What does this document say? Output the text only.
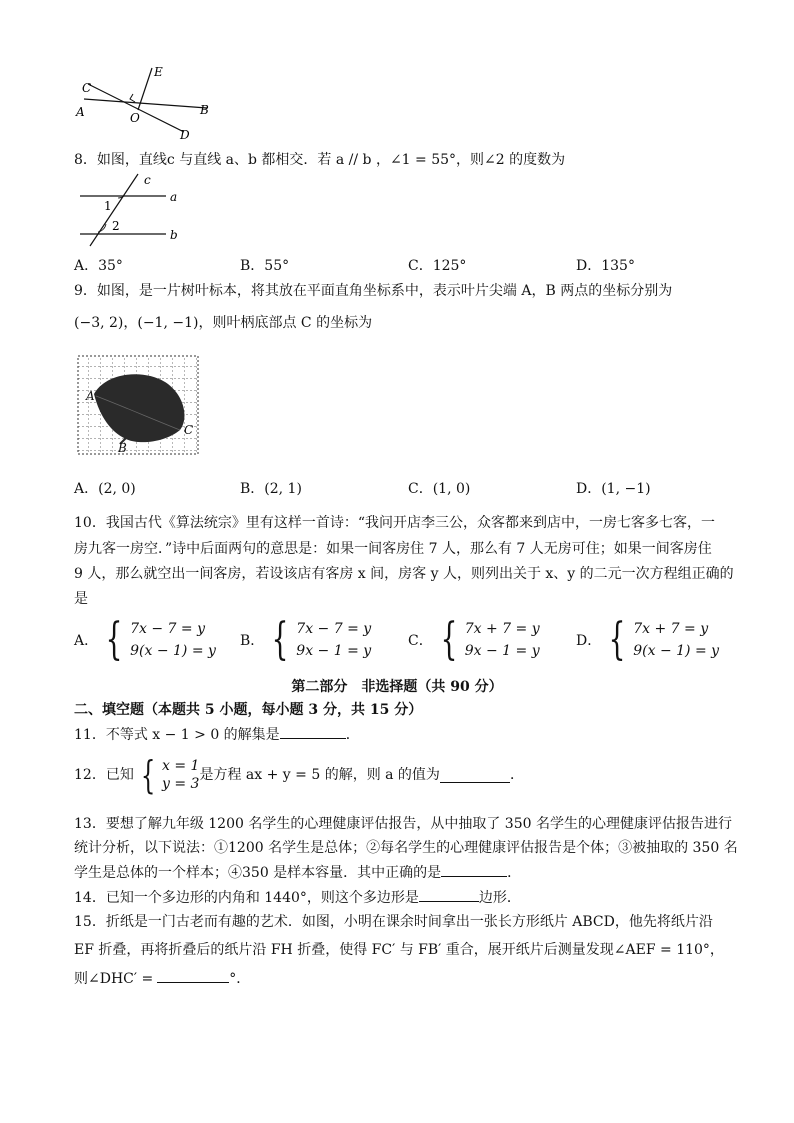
C
E
A	O
B
D
8．如图，直线c 与直线 a、b 都相交．若 a // b ，∠1 = 55°，则∠2 的度数为
c
a
b
1
2
A．35°	B．55°	C．125°	D．135°
9．如图，是一片树叶标本，将其放在平面直角坐标系中，表示叶片尖端 A，B 两点的坐标分别为
(−3, 2)，(−1, −1)，则叶柄底部点 C 的坐标为
A
B
C
A．(2, 0)	B．(2, 1)	C．(1, 0)	D．(1, −1)
10．我国古代《算法统宗》里有这样一首诗：“我问开店李三公，众客都来到店中，一房七客多七客，一
房九客一房空．”诗中后面两句的意思是：如果一间客房住 7 人，那么有 7 人无房可住；如果一间客房住
9 人，那么就空出一间客房，若设该店有客房 x 间，房客 y 人，则列出关于 x、y 的二元一次方程组正确的
是
A． { 7x − 7 = y
9(x − 1) = y
B． { 7x − 7 = y
9x − 1 = y
C． { 7x + 7 = y
9x − 1 = y
D． { 7x + 7 = y
9(x − 1) = y
第二部分　非选择题（共 90 分）
二、填空题（本题共 5 小题，每小题 3 分，共 15 分）
11．不等式 x − 1 > 0 的解集是	．
12．已知 { x = 1
y = 3
是方程 ax + y = 5 的解，则 a 的值为	．
13．要想了解九年级 1200 名学生的心理健康评估报告，从中抽取了 350 名学生的心理健康评估报告进行
统计分析，以下说法：①1200 名学生是总体；②每名学生的心理健康评估报告是个体；③被抽取的 350 名
学生是总体的一个样本；④350 是样本容量．其中正确的是	．
14．已知一个多边形的内角和 1440°，则这个多边形是	边形．
15．折纸是一门古老而有趣的艺术．如图，小明在课余时间拿出一张长方形纸片 ABCD，他先将纸片沿
EF 折叠，再将折叠后的纸片沿 FH 折叠，使得 FC′ 与 FB′ 重合，展开纸片后测量发现∠AEF = 110°，
则∠DHC′ =	°．
